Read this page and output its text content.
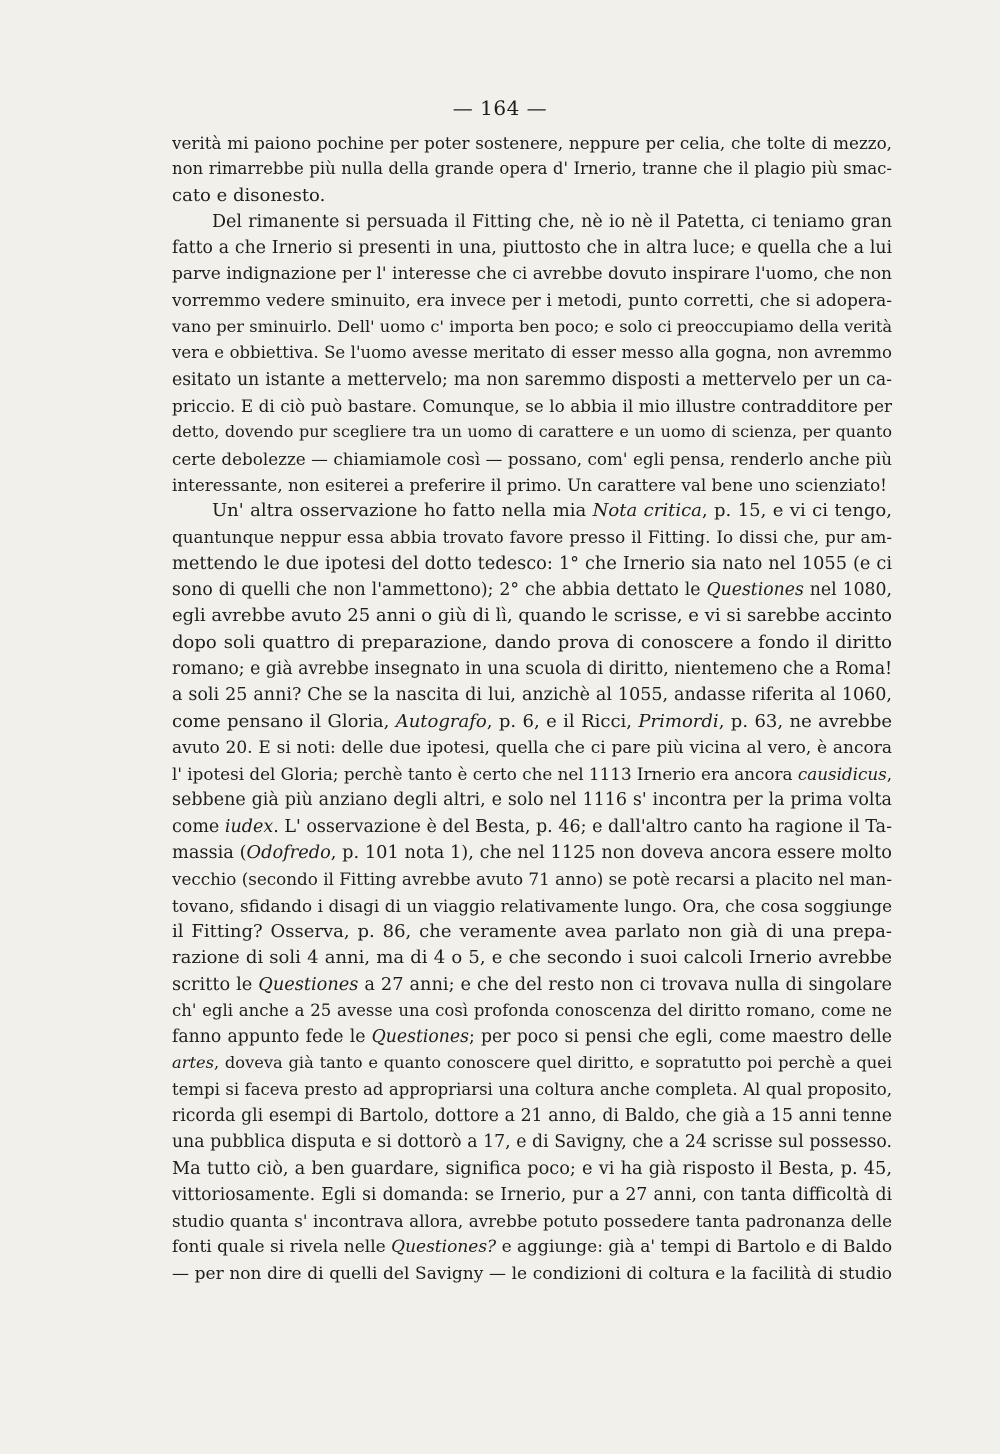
— 164 —
verità mi paiono pochine per poter sostenere, neppure per celia, che tolte di mezzo,
non rimarrebbe più nulla della grande opera d' Irnerio, tranne che il plagio più smac-
cato e disonesto.
Del rimanente si persuada il Fitting che, nè io nè il Patetta, ci teniamo gran
fatto a che Irnerio si presenti in una, piuttosto che in altra luce; e quella che a lui
parve indignazione per l' interesse che ci avrebbe dovuto inspirare l'uomo, che non
vorremmo vedere sminuito, era invece per i metodi, punto corretti, che si adopera-
vano per sminuirlo. Dell' uomo c' importa ben poco; e solo ci preoccupiamo della verità
vera e obbiettiva. Se l'uomo avesse meritato di esser messo alla gogna, non avremmo
esitato un istante a mettervelo; ma non saremmo disposti a mettervelo per un ca-
priccio. E di ciò può bastare. Comunque, se lo abbia il mio illustre contradditore per
detto, dovendo pur scegliere tra un uomo di carattere e un uomo di scienza, per quanto
certe debolezze — chiamiamole così — possano, com' egli pensa, renderlo anche più
interessante, non esiterei a preferire il primo. Un carattere val bene uno scienziato!
Un' altra osservazione ho fatto nella mia Nota critica, p. 15, e vi ci tengo,
quantunque neppur essa abbia trovato favore presso il Fitting. Io dissi che, pur am-
mettendo le due ipotesi del dotto tedesco: 1° che Irnerio sia nato nel 1055 (e ci
sono di quelli che non l'ammettono); 2° che abbia dettato le Questiones nel 1080,
egli avrebbe avuto 25 anni o giù di lì, quando le scrisse, e vi si sarebbe accinto
dopo soli quattro di preparazione, dando prova di conoscere a fondo il diritto
romano; e già avrebbe insegnato in una scuola di diritto, nientemeno che a Roma!
a soli 25 anni? Che se la nascita di lui, anzichè al 1055, andasse riferita al 1060,
come pensano il Gloria, Autografo, p. 6, e il Ricci, Primordi, p. 63, ne avrebbe
avuto 20. E si noti: delle due ipotesi, quella che ci pare più vicina al vero, è ancora
l' ipotesi del Gloria; perchè tanto è certo che nel 1113 Irnerio era ancora causidicus,
sebbene già più anziano degli altri, e solo nel 1116 s' incontra per la prima volta
come iudex. L' osservazione è del Besta, p. 46; e dall'altro canto ha ragione il Ta-
massia (Odofredo, p. 101 nota 1), che nel 1125 non doveva ancora essere molto
vecchio (secondo il Fitting avrebbe avuto 71 anno) se potè recarsi a placito nel man-
tovano, sfidando i disagi di un viaggio relativamente lungo. Ora, che cosa soggiunge
il Fitting? Osserva, p. 86, che veramente avea parlato non già di una prepa-
razione di soli 4 anni, ma di 4 o 5, e che secondo i suoi calcoli Irnerio avrebbe
scritto le Questiones a 27 anni; e che del resto non ci trovava nulla di singolare
ch' egli anche a 25 avesse una così profonda conoscenza del diritto romano, come ne
fanno appunto fede le Questiones; per poco si pensi che egli, come maestro delle
artes, doveva già tanto e quanto conoscere quel diritto, e sopratutto poi perchè a quei
tempi si faceva presto ad appropriarsi una coltura anche completa. Al qual proposito,
ricorda gli esempi di Bartolo, dottore a 21 anno, di Baldo, che già a 15 anni tenne
una pubblica disputa e si dottorò a 17, e di Savigny, che a 24 scrisse sul possesso.
Ma tutto ciò, a ben guardare, significa poco; e vi ha già risposto il Besta, p. 45,
vittoriosamente. Egli si domanda: se Irnerio, pur a 27 anni, con tanta difficoltà di
studio quanta s' incontrava allora, avrebbe potuto possedere tanta padronanza delle
fonti quale si rivela nelle Questiones? e aggiunge: già a' tempi di Bartolo e di Baldo
— per non dire di quelli del Savigny — le condizioni di coltura e la facilità di studio
